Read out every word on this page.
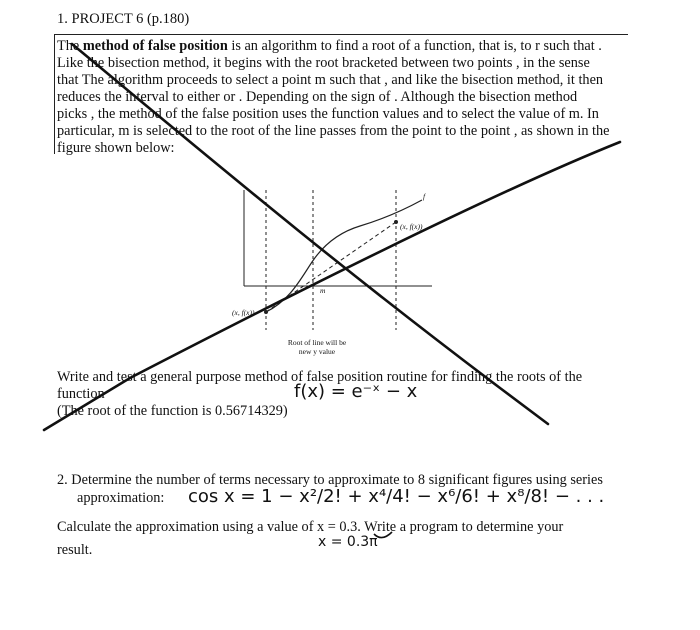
1. PROJECT 6 (p.180)
The method of false position is an algorithm to find a root of a function, that is, to r such that .
Like the bisection method, it begins with the root bracketed between two points , in the sense
that The algorithm proceeds to select a point m such that , and like the bisection method, it then
reduces the interval to either or . Depending on the sign of . Although the bisection method
picks , the method of the false position uses the function values and to select the value of m. In
particular, m is selected to the root of the line passes from the point to the point , as shown in the
figure shown below:
f
m
(x, f(x))
(x, f(x))
Root of line will be
new y value
Write and test a general purpose method of false position routine for finding the roots of the
function
(The root of the function is 0.56714329)
f(x) = e⁻ˣ − x
2. Determine the number of terms necessary to approximate to 8 significant figures using series
approximation:
Calculate the approximation using a value of x = 0.3. Write a program to determine your
result.
cos x = 1 − x²/2! + x⁴/4! − x⁶/6! + x⁸/8! − . . .
x = 0.3π
